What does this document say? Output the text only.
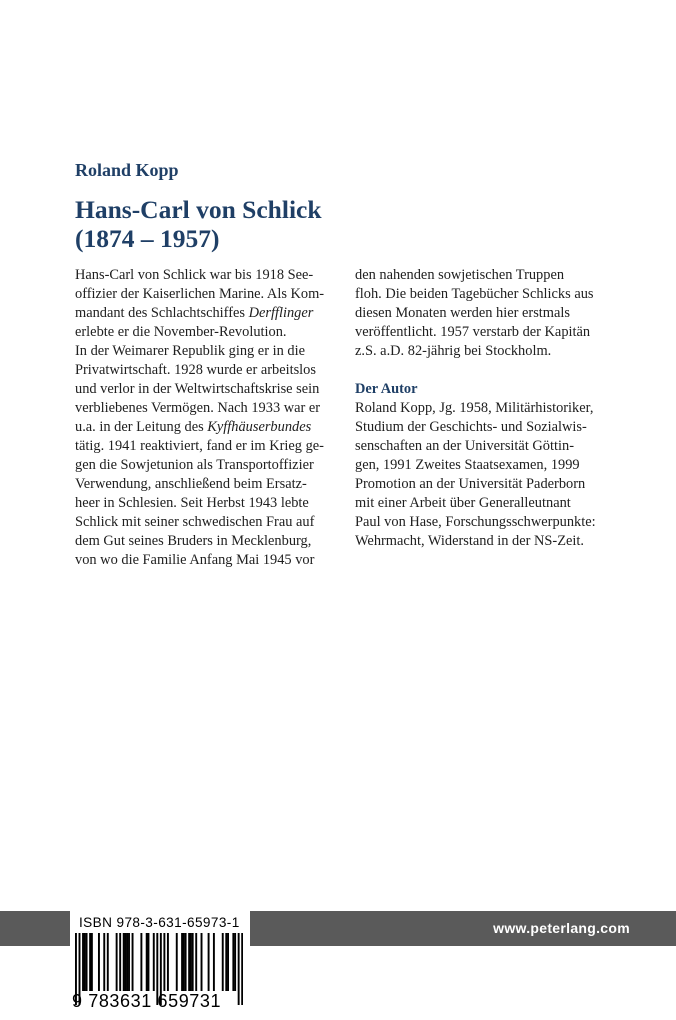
Roland Kopp
Hans-Carl von Schlick
(1874 – 1957)
Hans-Carl von Schlick war bis 1918 See-
offizier der Kaiserlichen Marine. Als Kom-
mandant des Schlachtschiffes Derfflinger
erlebte er die November-Revolution.
In der Weimarer Republik ging er in die
Privatwirtschaft. 1928 wurde er arbeitslos
und verlor in der Weltwirtschaftskrise sein
verbliebenes Vermögen. Nach 1933 war er
u.a. in der Leitung des Kyffhäuserbundes
tätig. 1941 reaktiviert, fand er im Krieg ge-
gen die Sowjetunion als Transportoffizier
Verwendung, anschließend beim Ersatz-
heer in Schlesien. Seit Herbst 1943 lebte
Schlick mit seiner schwedischen Frau auf
dem Gut seines Bruders in Mecklenburg,
von wo die Familie Anfang Mai 1945 vor
den nahenden sowjetischen Truppen
floh. Die beiden Tagebücher Schlicks aus
diesen Monaten werden hier erstmals
veröffentlicht. 1957 verstarb der Kapitän
z.S. a.D. 82-jährig bei Stockholm.
Der Autor
Roland Kopp, Jg. 1958, Militärhistoriker,
Studium der Geschichts- und Sozialwis-
senschaften an der Universität Göttin-
gen, 1991 Zweites Staatsexamen, 1999
Promotion an der Universität Paderborn
mit einer Arbeit über Generalleutnant
Paul von Hase, Forschungsschwerpunkte:
Wehrmacht, Widerstand in der NS-Zeit.
www.peterlang.com
ISBN 978-3-631-65973-1
9 783631 659731
